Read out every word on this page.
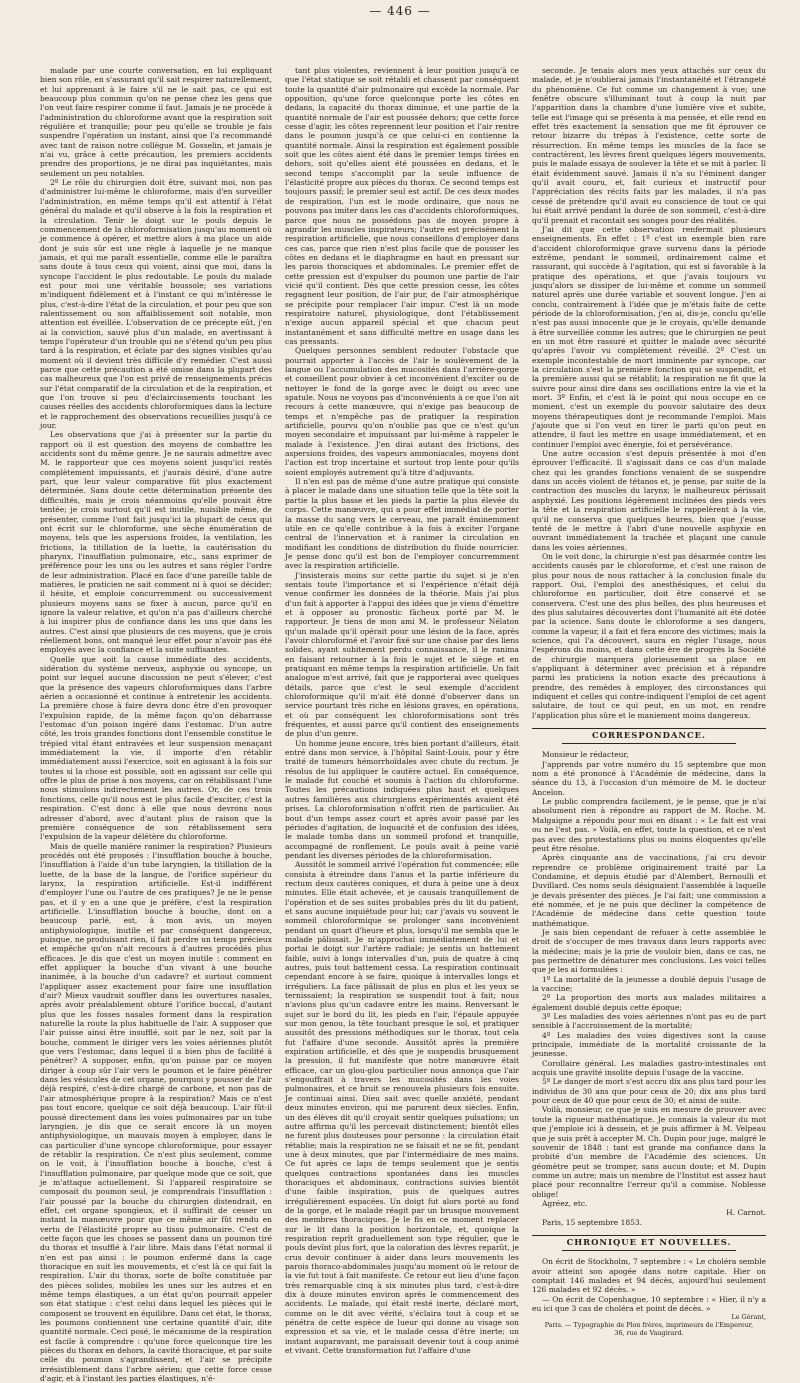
— 446 —

malade par une courte conversation, en lui expliquant bien son rôle, en s'assurant qu'il sait respirer naturellement, et lui apprenant à le faire s'il ne le sait pas, ce qui est beaucoup plus commun qu'on ne pense chez les gens que l'on veut faire respirer comme il faut. Jamais je ne procède à l'administration du chloroforme avant que la respiration soit régulière et tranquille; pour peu qu'elle se trouble je fais suspendre l'opération un instant, ainsi que l'a recommandé avec tant de raison notre collègue M. Gosselin, et jamais je n'ai vu, grâce à cette précaution, les premiers accidents prendre des proportions, je ne dirai pas inquiétantes, mais seulement un peu notables.

2º Le rôle du chirurgien doit être, suivant moi, non pas d'administrer lui-même le chloroforme, mais d'en surveiller l'administration, en même temps qu'il est attentif à l'état général du malade et qu'il observe à la fois la respiration et la circulation. Tenir le doigt sur le pouls depuis le commencement de la chloroformisation jusqu'au moment où je commence à opérer, et mettre alors à ma place un aide dont je suis sûr est une règle à laquelle je ne manque jamais, et qui me paraît essentielle, comme elle le paraîtra sans doute à tous ceux qui voient, ainsi que moi, dans la syncope l'accident le plus redoutable. Le pouls du malade est pour moi une véritable boussole; ses variations m'indiquent fidèlement et à l'instant ce qui m'intéresse le plus, c'est-à-dire l'état de la circulation, et pour peu que son ralentissement ou son affaiblissement soit notable, mon attention est éveillée. L'observation de ce précepte eût, j'en ai la conviction, sauvé plus d'un malade, en avertissant à temps l'opérateur d'un trouble qui ne s'étend qu'un peu plus tard à la respiration, et éclate par des signes visibles qu'au moment où il devient très difficile d'y remédier. C'est aussi parce que cette précaution a été omise dans la plupart des cas malheureux que l'on est privé de renseignements précis sur l'état comparatif de la circulation et de la respiration, et que l'on trouve si peu d'éclaircissements touchant les causes réelles des accidents chloroformiques dans la lecture et le rapprochement des observations recueillies jusqu'à ce jour.

Les observations que j'ai à présenter sur la partie du rapport où il est question des moyens de combattre les accidents sont du même genre. Je ne saurais admettre avec M. le rapporteur que ces moyens soient jusqu'ici restés complètement impuissants, et j'aurais désiré, d'une autre part, que leur valeur comparative fût plus exactement déterminée. Sans doute cette détermination présente des difficultés, mais je crois néanmoins qu'elle pouvait être tentée; je crois surtout qu'il est inutile, nuisible même, de présenter, comme l'ont fait jusqu'ici la plupart de ceux qui ont écrit sur le chloroforme, une sèche énumération de moyens, tels que les aspersions froides, la ventilation, les frictions, la titillation de la luette, la cautérisation du pharynx, l'insufflation pulmonaire, etc., sans exprimer de préférence pour les uns ou les autres et sans régler l'ordre de leur administration. Placé en face d'une pareille table de matières, le praticien ne sait comment ni à quoi se décider; il hésite, et emploie concurremment ou successivement plusieurs moyens sans se fixer à aucun, parce qu'il en ignore la valeur relative, et qu'on n'a pas d'ailleurs cherché à lui inspirer plus de confiance dans les uns que dans les autres. C'est ainsi que plusieurs de ces moyens, que je crois réellement bons, ont manqué leur effet pour n'avoir pas été employés avec la confiance et la suite suffisantes.

Quelle que soit la cause immédiate des accidents, sidération du système nerveux, asphyxie ou syncope, un point sur lequel aucune discussion ne peut s'élever, c'est que la présence des vapeurs chloroformiques dans l'arbre aérien a occasionné et continue à entretenir les accidents. La première chose à faire devra donc être d'en provoquer l'expulsion rapide, de la même façon qu'on débarrasse l'estomac d'un poison ingéré dans l'estomac. D'un autre côté, les trois grandes fonctions dont l'ensemble constitue le trépied vital étant entravées et leur suspension menaçant immédiatement la vie, il importe d'en rétablir immédiatement aussi l'exercice, soit en agissant à la fois sur toutes si la chose est possible, soit en agissant sur celle qui offre le plus de prise à nos moyens, car on rétablissant l'une nous stimulons indirectement les autres. Or, de ces trois fonctions, celle qu'il nous est le plus facile d'exciter, c'est la respiration. C'est donc à elle que nous devrons nous adresser d'abord, avec d'autant plus de raison que la première conséquence de son rétablissement sera l'expulsion de la vapeur délétère du chloroforme.

Mais de quelle manière ranimer la respiration? Plusieurs procédés ont été proposés : l'insufflation bouche à bouche, l'insufflation à l'aide d'un tube laryngien, la titillation de la luette, de la base de la langue, de l'orifice supérieur du larynx, la respiration artificielle. Est-il indifférent d'employer l'une ou l'autre de ces pratiques? Je ne le pense pas, et il y en a une que je préfère, c'est la respiration artificielle. L'insufflation bouche à bouche, dont on a beaucoup parlé, est, à mon avis, un moyen antiphysiologique, inutile et par conséquent dangereux, puisque, ne produisant rien, il fait perdre un temps précieux et empêche qu'on n'ait recours à d'autres procédés plus efficaces. Je dis que c'est un moyen inutile : comment en effet appliquer la bouche d'un vivant à une bouche inanimée, à la bouche d'un cadavre? et surtout comment l'appliquer assez exactement pour faire une insufflation d'air? Mieux vaudrait souffler dans les ouvertures nasales, après avoir préalablement obturé l'orifice buccal, d'autant plus que les fosses nasales forment dans la respiration naturelle la route la plus habituelle de l'air. A supposer que l'air puisse ainsi être insufflé, soit par le nez, soit par la bouche, comment le diriger vers les voies aériennes plutôt que vers l'estomac, dans lequel il a bien plus de facilité à pénétrer? A supposer, enfin, qu'on puisse par ce moyen diriger à coup sûr l'air vers le poumon et le faire pénétrer dans les vésicules de cet organe, pourquoi y pousser de l'air déjà respiré, c'est-à-dire chargé de carbone, et non pas de l'air atmosphérique propre à la respiration? Mais ce n'est pas tout encore, quelque ce soit déjà beaucoup. L'air fût-il poussé directement dans les voies pulmonaires par un tube laryngien, je dis que ce serait encore là un moyen antiphysiologique, un mauvais moyen à employer, dans le cas particulier d'une syncope chloroformique, pour essayer de rétablir la respiration. Ce n'est plus seulement, comme on le voit, à l'insufflation bouche à bouche, c'est à l'insufflation pulmonaire, par quelque mode que ce soit, que je m'attaque actuellement. Si l'appareil respiratoire se composait du poumon seul, je comprendrais l'insufflation : l'air poussé par la bouche du chirurgien distendrait, en effet, cet organe spongieux, et il suffirait de cesser un instant la manœuvre pour que ce même air fût rendu en vertu de l'élasticité propre au tissu pulmonaire. C'est de cette façon que les choses se passent dans un poumon tiré du thorax et insufflé à l'air libre. Mais dans l'état normal il n'en est pas ainsi : le poumon enfermé dans la cage thoracique en suit les mouvements, et c'est là ce qui fait la respiration. L'air du thorax, sorte de boîte constituée par des pièces solides, mobiles les unes sur les autres et en même temps élastiques, a un état qu'on pourrait appeler son état statique : c'est celui dans lequel les pièces qui le composent se trouvent en équilibre. Dans cet état, le thorax, les poumons contiennent une certaine quantité d'air, dite quantité normale. Ceci posé, le mécanisme de la respiration est facile à comprendre : qu'une force quelconque tire les pièces du thorax en dehors, la cavité thoracique, et par suite celle du poumon s'agrandissent, et l'air se précipite irrésistiblement dans l'arbre aérien; que cette force cesse d'agir, et à l'instant les parties élastiques, n'é-

tant plus violentes, reviennent à leur position jusqu'à ce que l'état statique se soit rétabli et chassent par conséquent toute la quantité d'air pulmonaire qui excède la normale. Par opposition, qu'une force quelconque porte les côtes en dedans, la capacité du thorax diminue, et une partie de la quantité normale de l'air est poussée dehors; que cette force cesse d'agir, les côtes reprennent leur position et l'air rentre dans le poumon jusqu'à ce que celui-ci en contienne la quantité normale. Ainsi la respiration est également possible soit que les côtes aient été dans le premier temps tirées en dehors, soit qu'elles aient été poussées en dedans, et le second temps s'accomplit par la seule influence de l'élasticité propre aux pièces du thorax. Ce second temps est toujours passif; le premier seul est actif. De ces deux modes de respiration, l'un est le mode ordinaire, que nous ne pouvons pas imiter dans les cas d'accidents chloroformiques, parce que nous ne possédons pas de moyen propre à agrandir les muscles inspirateurs; l'autre est précisément la respiration artificielle, que nous conseillons d'employer dans ces cas, parce que rien n'est plus facile que de pousser les côtes en dedans et le diaphragme en haut en pressant sur les parois thoraciques et abdominales. Le premier effet de cette pression est d'expulser du poumon une partie de l'air vicié qu'il contient. Dès que cette pression cesse, les côtes regagnent leur position, de l'air pur, de l'air atmosphérique se précipite pour remplacer l'air impur. C'est là un mode respiratoire naturel, physiologique, dont l'établissement n'exige aucun appareil spécial et que chacun peut instantanément et sans difficulté mettre en usage dans les cas pressants.

Quelques personnes semblent redouter l'obstacle que pourrait apporter à l'accès de l'air le soulèvement de la langue ou l'accumulation des mucosités dans l'arrière-gorge et conseillent pour obvier à cet inconvénient d'exciter ou de nettoyer le fond de la gorge avec le doigt ou avec une spatule. Nous ne voyons pas d'inconvénients à ce que l'on ait recours à cette manœuvre, qui n'exige pas beaucoup de temps et n'empêche pas de pratiquer la respiration artificielle, pourvu qu'on n'oublie pas que ce n'est qu'un moyen secondaire et impuissant par lui-même à rappeler le malade à l'existence. J'en dirai autant des frictions, des aspersions froides, des vapeurs ammoniacales, moyens dont l'action est trop incertaine et surtout trop lente pour qu'ils soient employés autrement qu'à titre d'adjuvants.

Il n'en est pas de même d'une autre pratique qui consiste à placer le malade dans une situation telle que la tête soit la partie la plus basse et les pieds la partie la plus élevée du corps. Cette manœuvre, qui a pour effet immédiat de porter la masse du sang vers le cerveau, me paraît éminemment utile en ce qu'elle contribue à la fois à exciter l'organe central de l'innervation et à ranimer la circulation en modifiant les conditions de distribution du fluide nourricier. Je pense donc qu'il est bon de l'employer concurremment avec la respiration artificielle.

J'insisterais moins sur cette partie du sujet si je n'en sentais toute l'importance et si l'expérience n'était déjà venue confirmer les données de la théorie. Mais j'ai plus d'un fait à apporter à l'appui des idées que je viens d'émettre et à opposer au pronostic fâcheux porté par M. le rapporteur. Je tiens de mon ami M. le professeur Nélaton qu'un malade qu'il opérait pour une lésion de la face, après l'avoir chloroformé et l'avoir fixé sur une chaise par des liens solides, ayant subitement perdu connaissance, il le ranima en faisant retourner à la fois le sujet et le siège et en pratiquant en même temps la respiration artificielle. Un fait analogue m'est arrivé, fait que je rapporterai avec quelques détails, parce que c'est le seul exemple d'accident chloroformique qu'il m'ait été donné d'observer dans un service pourtant très riche en lésions graves, en opérations, et où par conséquent les chloroformisations sont très fréquentes, et aussi parce qu'il contient des enseignements de plus d'un genre.

Un homme jeune encore, très bien portant d'ailleurs, était entré dans mon service, à l'hôpital Saint-Louis, pour y être traité de tumeurs hémorrhoïdales avec chute du rectum. Je résolus de lui appliquer le cautère actuel. En conséquence, le malade fut couché et soumis à l'action du chloroforme. Toutes les précautions indiquées plus haut et quelques autres familières aux chirurgiens expérimentés avaient été prises. La chloroformisation n'offrit rien de particulier. Au bout d'un temps assez court et après avoir passé par les périodes d'agitation, de loquacité et de confusion des idées, le malade tomba dans un sommeil profond et tranquille, accompagné de ronflement. Le pouls avait à peine varié pendant les diverses périodes de la chloroformisation.

Aussitôt le sommeil arrivé l'opération fut commencée; elle consista à étreindre dans l'anus et la partie inférieure du rectum deux cautères coniques, et dura à peine une à deux minutes. Elle était achevée, et je causais tranquillement de l'opération et de ses suites probables près du lit du patient, et sans aucune inquiétude pour lui; car j'avais vu souvent le sommeil chloroformique se prolonger sans inconvénient pendant un quart d'heure et plus, lorsqu'il me sembla que le malade pâlissait. Je m'approchai immédiatement de lui et portai le doigt sur l'artère radiale; je sentis un battement faible, suivi à longs intervalles d'un, puis de quatre à cinq autres, puis tout battement cessa. La respiration continuait cependant encore à se faire, quoique à intervalles longs et irréguliers. La face pâlissait de plus en plus et les yeux se ternissaient; la respiration se suspendit tout à fait; nous n'avions plus qu'un cadavre entre les mains. Renversant le sujet sur le bord du lit, les pieds en l'air, l'épaule appuyée sur mon genou, la tête touchant presque le sol, et pratiquer aussitôt des pressions méthodiques sur le thorax, tout cela fut l'affaire d'une seconde. Aussitôt après la première expiration artificielle, et dès que je suspendis brusquement la pression, il fut manifeste que notre manœuvre était efficace, car un glou-glou particulier nous annonça que l'air s'engouffrait à travers les mucosités dans les voies pulmonaires, et ce bruit se renouvela plusieurs fois ensuite. Je continuai ainsi. Dieu sait avec quelle anxiété, pendant deux minutes environ, qui me parurent deux siècles. Enfin, un des élèves dit qu'il croyait sentir quelques pulsations; un autre affirma qu'il les percevait distinctement; bientôt elles ne furent plus douteuses pour personne : la circulation était rétablie; mais la respiration ne se faisait et ne se fit, pendant une à deux minutes, que par l'intermédiaire de mes mains. Ce fut après ce laps de temps seulement que je sentis quelques contractions spontanées dans les muscles thoraciques et abdominaux, contractions suivies bientôt d'une faible inspiration, puis de quelques autres irrégulièrement espacées. Un doigt fut alors porté au fond de la gorge, et le malade réagit par un brusque mouvement des membres thoraciques. Je le fis en ce moment replacer sur le lit dans la position horizontale, et, quoique la respiration reprît graduellement son type régulier, que le pouls devînt plus fort, que la coloration des lèvres reparût, je crus devoir continuer à aider dans leurs mouvements les parois thoraco-abdominales jusqu'au moment où le retour de la vie fut tout à fait manifeste. Ce retour eut lieu d'une façon très remarquable cinq à six minutes plus tard, c'est-à-dire dix à douze minutes environ après le commencement des accidents. Le malade, qui était resté inerte, déclaré mort, comme on le dit avec vérité, s'éclaira tout à coup et se pénétra de cette espèce de lueur qui donne au visage son expression et sa vie, et le malade cessa d'être inerte; un instant auparavant, me paraissait devenir tout à coup animé et vivant. Cette transformation fut l'affaire d'une

seconde. Je tenais alors mes yeux attachés sur ceux du malade, et je n'oublierai jamais l'instantanéité et l'étrangeté du phénomène. Ce fut comme un changement à vue; une fenêtre obscure s'illuminant tout à coup la nuit par l'apparition dans la chambre d'une lumière vive et subite, telle est l'image qui se présenta à ma pensée, et elle rend en effet très exactement la sensation que me fit éprouver ce retour bizarre du trépas à l'existence, cette sorte de résurrection. En même temps les muscles de la face se contractèrent, les lèvres firent quelques légers mouvements, puis le malade essaya de soulever la tête et se mit à parler. Il était évidemment sauvé. Jamais il n'a su l'éminent danger qu'il avait couru, et, fait curieux et instructif pour l'appréciation des récits faits par les malades, il n'a pas cessé de prétendre qu'il avait eu conscience de tout ce qui lui était arrivé pendant la durée de son sommeil, c'est-à-dire qu'il prenait et racontait ses songes pour des réalités.

J'ai dit que cette observation renfermait plusieurs enseignements. En effet : 1º c'est un exemple bien rare d'accident chloroformique grave survenu dans la période extrême, pendant le sommeil, ordinairement calme et rassurant, qui succède à l'agitation, qui est si favorable à la pratique des opérations, et que j'avais toujours vu jusqu'alors se dissiper de lui-même et comme un sommeil naturel après une durée variable et souvent longue. J'en ai conclu, contrairement à l'idée que je m'étais faite de cette période de la chloroformisation, j'en ai, dis-je, conclu qu'elle n'est pas aussi innocente que je le croyais, qu'elle demande à être surveillée comme les autres; que le chirurgien ne peut en un mot être rassuré et quitter le malade avec sécurité qu'après l'avoir vu complètement réveillé. 2º C'est un exemple incontestable de mort imminente par syncope, car la circulation s'est la première fonction qui se suspendit, et la première aussi qui se rétablit; la respiration ne fit que la suivre pour ainsi dire dans ses oscillations entre la vie et la mort. 3º Enfin, et c'est là le point qui nous occupe en ce moment, c'est un exemple du pouvoir salutaire des deux moyens thérapeutiques dont je recommande l'emploi. Mais j'ajoute que si l'on veut en tirer le parti qu'on peut en attendre, il faut les mettre en usage immédiatement, et en continuer l'emploi avec énergie, foi et persévérance.

Une autre occasion s'est depuis présentée à moi d'en éprouver l'efficacité. Il s'agissait dans ce cas d'un malade chez qui les grandes fonctions venaient de se suspendre dans un accès violent de tétanos et, je pense, par suite de la contraction des muscles du larynx; le malheureux périssait asphyxié. Les positions légèrement inclinées des pieds vers la tête et la respiration artificielle le rappelèrent à la vie, qu'il ne conserva que quelques heures, bien que j'eusse tenté de le mettre à l'abri d'une nouvelle asphyxie en ouvrant immédiatement la trachée et plaçant une canule dans les voies aériennes.

On le voit donc, la chirurgie n'est pas désarmée contre les accidents causés par le chloroforme, et c'est une raison de plus pour nous de nous rattacher à la conclusion finale du rapport. Oui, l'emploi des anesthésiques, et celui du chloroforme en particulier, doit être conservé et se conservera. C'est une des plus belles, des plus heureuses et des plus salutaires découvertes dont l'humanité ait été dotée par la science. Sans doute le chloroforme a ses dangers, comme la vapeur, il a fait et fera encore des victimes; mais la science, qui l'a découvert, saura en régler l'usage, nous l'espérons du moins, et dans cette ère de progrès la Société de chirurgie marquera glorieusement sa place en s'appliquant à déterminer avec précision et à répandre parmi les praticiens la notion exacte des précautions à prendre, des remèdes à employer, des circonstances qui indiquent et celles qui contre-indiquent l'emploi de cet agent salutaire, de tout ce qui peut, en un mot, en rendre l'application plus sûre et le maniement moins dangereux.

CORRESPONDANCE.

Monsieur le rédacteur,

J'apprends par votre numéro du 15 septembre que mon nom a été prononcé à l'Académie de médecine, dans la séance du 13, à l'occasion d'un mémoire de M. le docteur Ancelon.

Le public comprendra facilement, je le pense, que je n'ai absolument rien à répondre au rapport de M. Roche. M. Malgaigne a répondu pour moi en disant : « Le fait est vrai ou ne l'est pas. » Voilà, en effet, toute la question, et ce n'est pas avec des protestations plus ou moins éloquentes qu'elle peut être résolue.

Après cinquante ans de vaccinations, j'ai cru devoir reprendre ce problème originairement traité par La Condamine, et depuis étudié par d'Alembert, Bernoulli et Duvillard. Ces noms seuls désignaient l'assemblée à laquelle je devais présenter des pièces. Je l'ai fait; une commission a été nommée, et je ne puis que décliner la compétence de l'Académie de médecine dans cette question toute mathématique.

Je sais bien cependant de refuser à cette assemblée le droit de s'occuper de mes travaux dans leurs rapports avec la médecine; mais je la prie de vouloir bien, dans ce cas, ne pas permettre de dénaturer mes conclusions. Les voici telles que je les ai formulées :

1º La mortalité de la jeunesse a doublé depuis l'usage de la vaccine;

2º La proportion des morts aux malades militaires a également doublé depuis cette époque;

3º Les maladies des voies aériennes n'ont pas eu de part sensible à l'accroissement de la mortalité;

4º Les maladies des voies digestives sont la cause principale, immédiate de la mortalité croissante de la jeunesse.

Corollaire général. Les maladies gastro-intestinales ont acquis une gravité insolite depuis l'usage de la vaccine.

5º Le danger de mort s'est accru dix ans plus tard pour les individus de 30 ans que pour ceux de 20; dix ans plus tard pour ceux de 40 que pour ceux de 30; et ainsi de suite.

Voilà, monsieur, ce que je suis en mesure de prouver avec toute la rigueur mathématique. Je connais la valeur du mot que j'emploie ici à dessein, et je puis affirmer à M. Velpeau que je suis prêt à accepter M. Ch. Dupin pour juge, malgré le souvenir de 1848 : tant est grande ma confiance dans la probité d'un membre de l'Académie des sciences. Un géomètre peut se tromper, sans aucun doute; et M. Dupin comme un autre; mais un membre de l'Institut est assez haut placé pour reconnaître l'erreur qu'il a commise. Noblesse oblige!

Agréez, etc.

H. Carnot.

Paris, 15 septembre 1853.

CHRONIQUE ET NOUVELLES.

On écrit de Stockholm, 7 septembre : « Le choléra semble avoir atteint son apogée dans notre capitale. Hier on comptait 146 malades et 94 décès, aujourd'hui seulement 126 malades et 92 décès. »

— On écrit de Copenhague, 10 septembre : « Hier, il n'y a eu ici que 3 cas de choléra et point de décès. »

Le Gérant,

Paris. — Typographie de Plon frères, imprimeurs de l'Empereur,

36, rue de Vaugirard.
